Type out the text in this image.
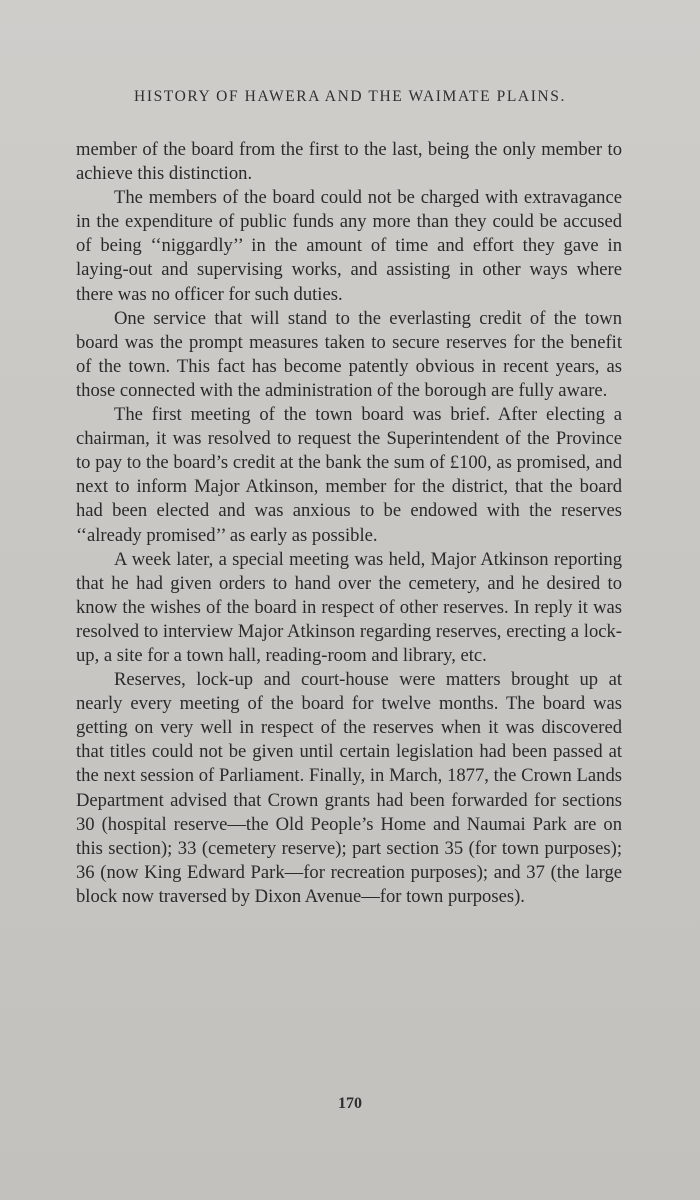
HISTORY OF HAWERA AND THE WAIMATE PLAINS.

member of the board from the first to the last, being the only member to achieve this distinction.

The members of the board could not be charged with extravagance in the expenditure of public funds any more than they could be accused of being ‘‘niggardly’’ in the amount of time and effort they gave in laying-out and supervising works, and assisting in other ways where there was no officer for such duties.

One service that will stand to the everlasting credit of the town board was the prompt measures taken to secure reserves for the benefit of the town. This fact has become patently obvious in recent years, as those connected with the administration of the borough are fully aware.

The first meeting of the town board was brief. After electing a chairman, it was resolved to request the Superintendent of the Province to pay to the board’s credit at the bank the sum of £100, as promised, and next to inform Major Atkinson, member for the district, that the board had been elected and was anxious to be endowed with the reserves ‘‘already promised’’ as early as possible.

A week later, a special meeting was held, Major Atkinson reporting that he had given orders to hand over the cemetery, and he desired to know the wishes of the board in respect of other reserves. In reply it was resolved to interview Major Atkinson regarding reserves, erecting a lock-up, a site for a town hall, reading-room and library, etc.

Reserves, lock-up and court-house were matters brought up at nearly every meeting of the board for twelve months. The board was getting on very well in respect of the reserves when it was discovered that titles could not be given until certain legislation had been passed at the next session of Parliament. Finally, in March, 1877, the Crown Lands Department advised that Crown grants had been forwarded for sections 30 (hospital reserve—the Old People’s Home and Naumai Park are on this section); 33 (cemetery reserve); part section 35 (for town purposes); 36 (now King Edward Park—for recreation purposes); and 37 (the large block now traversed by Dixon Avenue—for town purposes).

170
